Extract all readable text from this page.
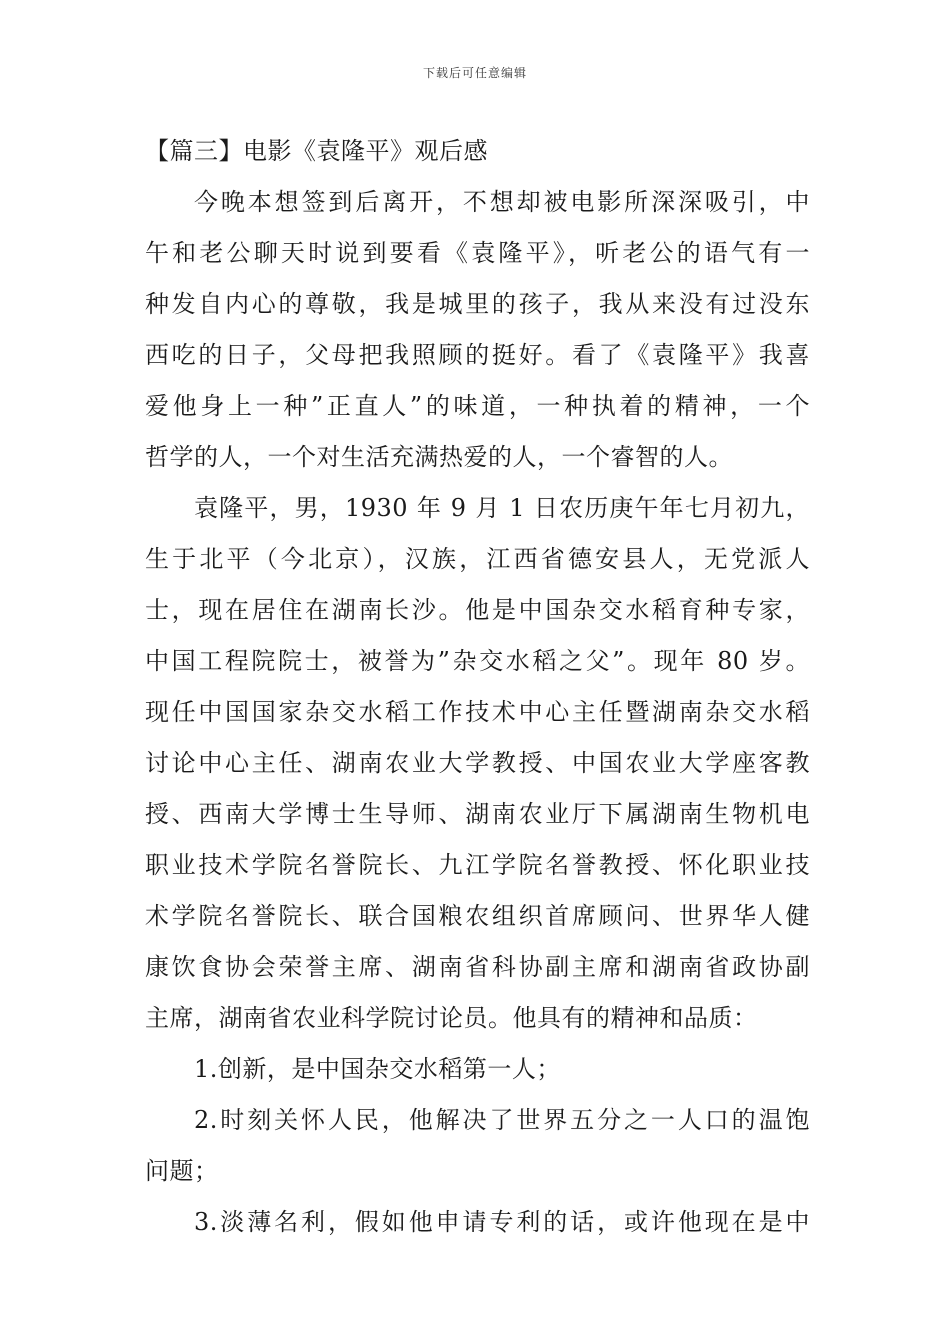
下载后可任意编辑
【篇三】电影《袁隆平》观后感
今晚本想签到后离开，不想却被电影所深深吸引，中
午和老公聊天时说到要看《袁隆平》，听老公的语气有一
种发自内心的尊敬，我是城里的孩子，我从来没有过没东
西吃的日子，父母把我照顾的挺好。看了《袁隆平》我喜
爱他身上一种”正直人”的味道，一种执着的精神，一个
哲学的人，一个对生活充满热爱的人，一个睿智的人。
袁隆平，男，1930 年 9 月 1 日农历庚午年七月初九，
生于北平（今北京），汉族，江西省德安县人，无党派人
士，现在居住在湖南长沙。他是中国杂交水稻育种专家，
中国工程院院士，被誉为”杂交水稻之父”。现年 80 岁。
现任中国国家杂交水稻工作技术中心主任暨湖南杂交水稻
讨论中心主任、湖南农业大学教授、中国农业大学座客教
授、西南大学博士生导师、湖南农业厅下属湖南生物机电
职业技术学院名誉院长、九江学院名誉教授、怀化职业技
术学院名誉院长、联合国粮农组织首席顾问、世界华人健
康饮食协会荣誉主席、湖南省科协副主席和湖南省政协副
主席，湖南省农业科学院讨论员。他具有的精神和品质：
1.创新，是中国杂交水稻第一人；
2.时刻关怀人民，他解决了世界五分之一人口的温饱
问题；
3.淡薄名利，假如他申请专利的话，或许他现在是中
